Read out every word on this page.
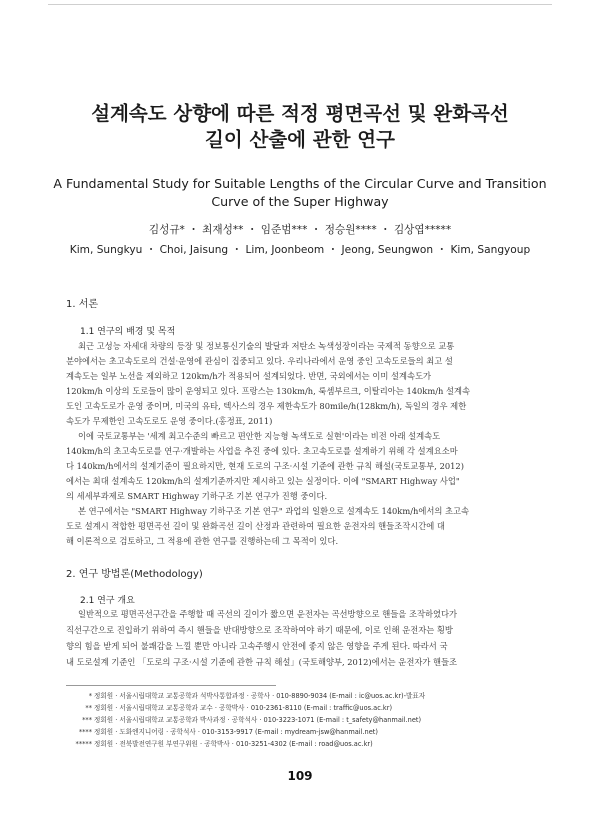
설계속도 상향에 따른 적정 평면곡선 및 완화곡선
길이 산출에 관한 연구
A Fundamental Study for Suitable Lengths of the Circular Curve and Transition
Curve of the Super Highway
김성규* ・ 최재성** ・ 임준범*** ・ 정승원**** ・ 김상엽*****
Kim, Sungkyu ・ Choi, Jaisung ・ Lim, Joonbeom ・ Jeong, Seungwon ・ Kim, Sangyoup
1. 서론
1.1 연구의 배경 및 목적
최근 고성능 자세대 차량의 등장 및 정보통신기술의 발달과 저탄소 녹색성장이라는 국제적 동향으로 교통
분야에서는 초고속도로의 건설·운영에 관심이 집중되고 있다. 우리나라에서 운영 중인 고속도로들의 최고 설
계속도는 일부 노선을 제외하고 120km/h가 적용되어 설계되었다. 반면, 국외에서는 이미 설계속도가
120km/h 이상의 도로들이 많이 운영되고 있다. 프랑스는 130km/h, 룩셈부르크, 이탈리아는 140km/h 설계속
도인 고속도로가 운영 중이며, 미국의 유타, 텍사스의 경우 제한속도가 80mile/h(128km/h), 독일의 경우 제한
속도가 무제한인 고속도로도 운영 중이다.(홍정표, 2011)
이에 국토교통부는 '세계 최고수준의 빠르고 편안한 지능형 녹색도로 실현'이라는 비전 아래 설계속도
140km/h의 초고속도로를 연구·개발하는 사업을 추진 중에 있다. 초고속도로를 설계하기 위해 각 설계요소마
다 140km/h에서의 설계기준이 필요하지만, 현재 도로의 구조·시설 기준에 관한 규칙 해설(국토교통부, 2012)
에서는 최대 설계속도 120km/h의 설계기준까지만 제시하고 있는 실정이다. 이에 "SMART Highway 사업"
의 세세부과제로 SMART Highway 기하구조 기본 연구가 진행 중이다.
본 연구에서는 "SMART Highway 기하구조 기본 연구" 과업의 일환으로 설계속도 140km/h에서의 초고속
도로 설계시 적합한 평면곡선 길이 및 완화곡선 길이 산정과 관련하여 필요한 운전자의 핸들조작시간에 대
해 이론적으로 검토하고, 그 적용에 관한 연구를 진행하는데 그 목적이 있다.
2. 연구 방법론(Methodology)
2.1 연구 개요
일반적으로 평면곡선구간을 주행할 때 곡선의 길이가 짧으면 운전자는 곡선방향으로 핸들을 조작하였다가
직선구간으로 진입하기 위하여 즉시 핸들을 반대방향으로 조작하여야 하기 때문에, 이로 인해 운전자는 횡방
향의 힘을 받게 되어 불쾌감을 느낄 뿐만 아니라 고속주행시 안전에 좋지 않은 영향을 주게 된다. 따라서 국
내 도로설계 기준인 「도로의 구조·시설 기준에 관한 규칙 해설」(국토해양부, 2012)에서는 운전자가 핸들조
* 정회원 · 서울시립대학교 교통공학과 석박사통합과정 · 공학사 · 010-8890-9034 (E-mail : ic@uos.ac.kr)-발표자
** 정회원 · 서울시립대학교 교통공학과 교수 · 공학박사 · 010-2361-8110 (E-mail : traffic@uos.ac.kr)
*** 정회원 · 서울시립대학교 교통공학과 박사과정 · 공학석사 · 010-3223-1071 (E-mail : t_safety@hanmail.net)
**** 정회원 · 도화엔지니어링 · 공학석사 · 010-3153-9917 (E-mail : mydream-jsw@hanmail.net)
***** 정회원 · 전북발전연구원 부연구위원 · 공학박사 · 010-3251-4302 (E-mail : road@uos.ac.kr)
109
